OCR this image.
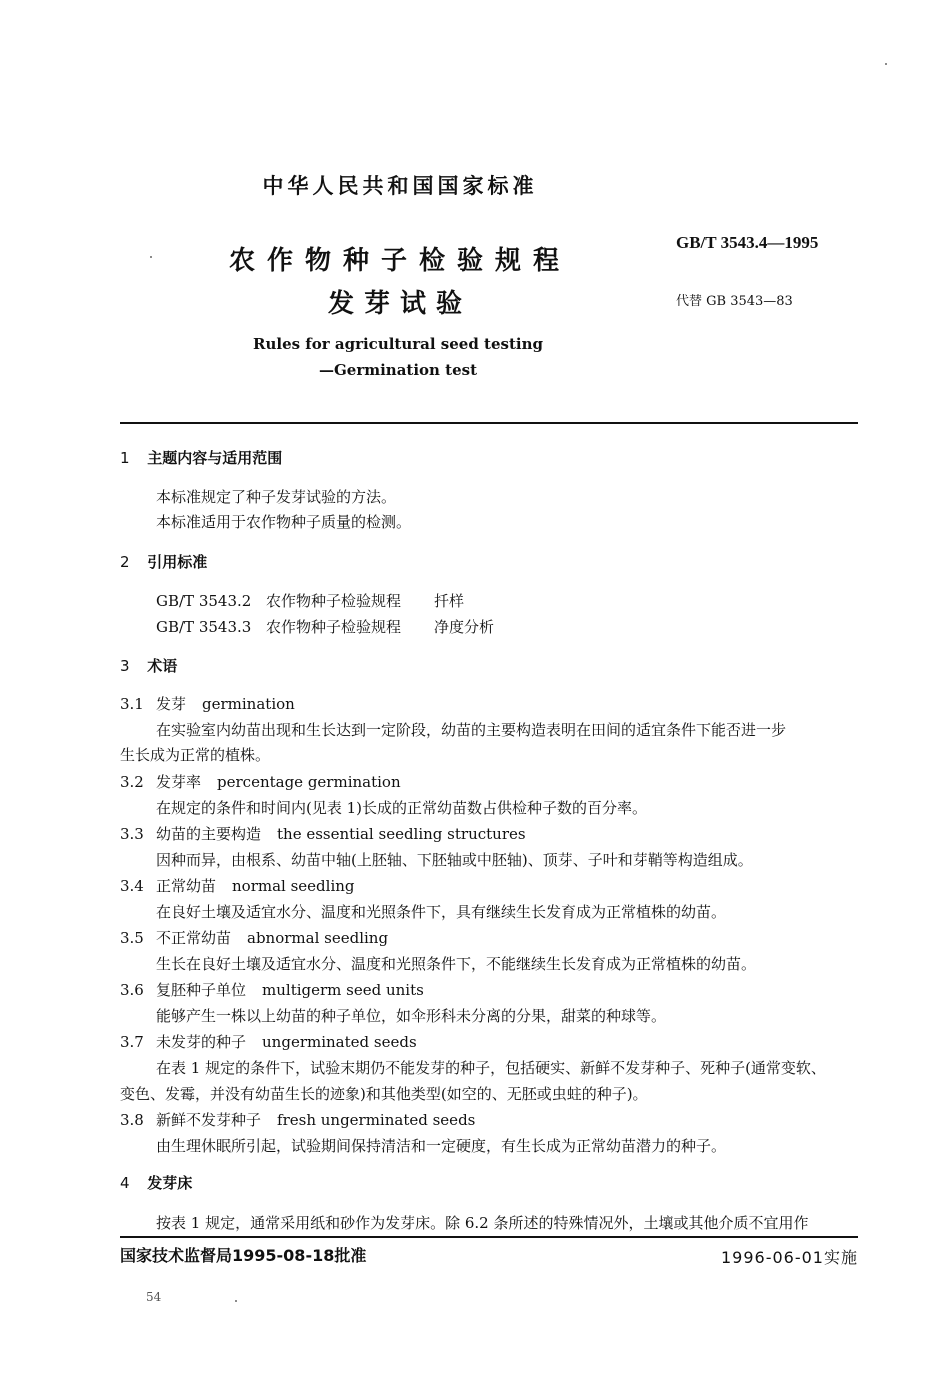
中华人民共和国国家标准
农作物种子检验规程
发芽试验
GB/T 3543.4—1995
代替 GB 3543—83
Rules for agricultural seed testing
—Germination test
1 主题内容与适用范围
本标准规定了种子发芽试验的方法。
本标准适用于农作物种子质量的检测。
2 引用标准
GB/T 3543.2 农作物种子检验规程 扦样
GB/T 3543.3 农作物种子检验规程 净度分析
3 术语
3.1 发芽 germination
在实验室内幼苗出现和生长达到一定阶段，幼苗的主要构造表明在田间的适宜条件下能否进一步
生长成为正常的植株。
3.2 发芽率 percentage germination
在规定的条件和时间内(见表 1)长成的正常幼苗数占供检种子数的百分率。
3.3 幼苗的主要构造 the essential seedling structures
因种而异，由根系、幼苗中轴(上胚轴、下胚轴或中胚轴)、顶芽、子叶和芽鞘等构造组成。
3.4 正常幼苗 normal seedling
在良好土壤及适宜水分、温度和光照条件下，具有继续生长发育成为正常植株的幼苗。
3.5 不正常幼苗 abnormal seedling
生长在良好土壤及适宜水分、温度和光照条件下，不能继续生长发育成为正常植株的幼苗。
3.6 复胚种子单位 multigerm seed units
能够产生一株以上幼苗的种子单位，如伞形科未分离的分果，甜菜的种球等。
3.7 未发芽的种子 ungerminated seeds
在表 1 规定的条件下，试验末期仍不能发芽的种子，包括硬实、新鲜不发芽种子、死种子(通常变软、
变色、发霉，并没有幼苗生长的迹象)和其他类型(如空的、无胚或虫蛀的种子)。
3.8 新鲜不发芽种子 fresh ungerminated seeds
由生理休眠所引起，试验期间保持清洁和一定硬度，有生长成为正常幼苗潜力的种子。
4 发芽床
按表 1 规定，通常采用纸和砂作为发芽床。除 6.2 条所述的特殊情况外，土壤或其他介质不宜用作
国家技术监督局1995-08-18批准	1996-06-01实施
54
